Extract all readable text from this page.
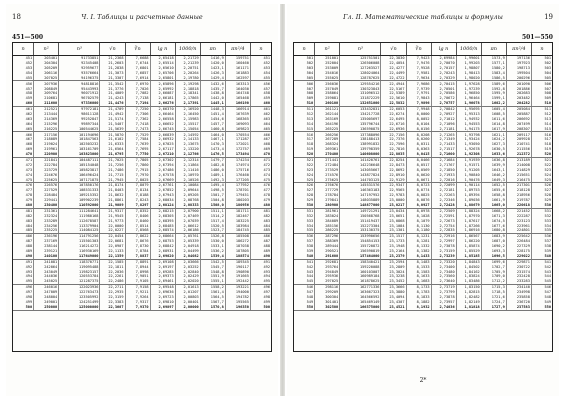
18	Ч. I. Таблицы и расчетные данные
451—500
n	n²	n³	√n	∛n	lg n	1000/n	πn	πn²/4	n
451	203401	91733851	21,2368	7,6688	2,65418	2,21729	1416,9	159751	451
452	204304	92345408	21,2603	7,6744	2,65514	2,21239	1420,0	160460	452
453	205209	92959677	21,2838	7,6801	2,65610	2,20751	1423,1	161171	453
454	206116	93576664	21,3073	7,6857	2,65706	2,20264	1426,3	161883	454
455	207025	94196375	21,3307	7,6914	2,65801	2,19780	1429,4	162597	455
456	207936	94818816	21,3542	7,6970	2,65896	2,19298	1432,6	163313	456
457	208849	95443993	21,3776	7,7026	2,65992	2,18818	1435,7	164030	457
458	209764	96071912	21,4009	7,7082	2,66087	2,18341	1438,8	164748	458
459	210681	96702579	21,4243	7,7138	2,66181	2,17865	1442,0	165468	459
460	211600	97336000	21,4476	7,7194	2,66276	2,17391	1445,1	166190	460
461	212521	97972181	21,4709	7,7250	2,66370	2,16920	1448,3	166914	461
462	213444	98611128	21,4942	7,7306	2,66464	2,16450	1451,4	167639	462
463	214369	99252847	21,5174	7,7362	2,66558	2,15983	1454,6	168365	463
464	215296	99897344	21,5407	7,7418	2,66652	2,15517	1457,7	169093	464
465	216225	100544625	21,5639	7,7473	2,66745	2,15054	1460,8	169823	465
466	217156	101194696	21,5870	7,7529	2,66839	2,14592	1464,0	170554	466
467	218089	101847563	21,6102	7,7584	2,66932	2,14133	1467,1	171287	467
468	219024	102503232	21,6333	7,7639	2,67025	2,13675	1470,3	172021	468
469	219961	103161709	21,6564	7,7695	2,67117	2,13220	1473,4	172757	469
470	220900	103823000	21,6795	7,7750	2,67210	2,12766	1476,5	173494	470
471	221841	104487111	21,7025	7,7805	2,67302	2,12314	1479,7	174234	471
472	222784	105154048	21,7256	7,7860	2,67394	2,11864	1482,8	174974	472
473	223729	105823817	21,7486	7,7915	2,67486	2,11416	1486,0	175716	473
474	224676	106496424	21,7715	7,7970	2,67578	2,10970	1489,1	176460	474
475	225625	107171875	21,7945	7,8025	2,67669	2,10526	1492,3	177205	475
476	226576	107850176	21,8174	7,8079	2,67761	2,10084	1495,4	177952	476
477	227529	108531333	21,8403	7,8134	2,67852	2,09644	1498,5	178701	477
478	228484	109215352	21,8632	7,8188	2,67943	2,09205	1501,7	179451	478
479	229441	109902239	21,8861	7,8243	2,68034	2,08768	1504,8	180203	479
480	230400	110592000	21,9089	7,8297	2,68124	2,08333	1508,0	180956	480
481	231361	111284641	21,9317	7,8352	2,68215	2,07900	1511,1	181711	481
482	232324	111980168	21,9545	7,8406	2,68305	2,07469	1514,2	182467	482
483	233289	112678587	21,9773	7,8460	2,68395	2,07039	1517,4	183225	483
484	234256	113379904	22,0000	7,8514	2,68485	2,06612	1520,5	183984	484
485	235225	114084125	22,0227	7,8568	2,68574	2,06186	1523,7	184745	485
486	236196	114791256	22,0454	7,8622	2,68664	2,05761	1526,8	185508	486
487	237169	115501303	22,0681	7,8676	2,68753	2,05339	1530,0	186272	487
488	238144	116214272	22,0907	7,8730	2,68842	2,04918	1533,1	187038	488
489	239121	116930169	22,1133	7,8784	2,68931	2,04499	1536,2	187805	489
490	240100	117649000	22,1359	7,8837	2,69020	2,04082	1539,4	188574	490
491	241081	118370771	22,1585	7,8891	2,69108	2,03666	1542,5	189345	491
492	242064	119095488	22,1811	7,8944	2,69197	2,03252	1545,7	190117	492
493	243049	119823157	22,2036	7,8998	2,69285	2,02840	1548,8	190890	493
494	244036	120553784	22,2261	7,9051	2,69373	2,02429	1551,9	191665	494
495	245025	121287375	22,2486	7,9105	2,69461	2,02020	1555,1	192442	495
496	246016	122023936	22,2711	7,9158	2,69548	2,01613	1558,2	193221	496
497	247009	122763473	22,2935	7,9211	2,69636	2,01207	1561,4	194000	497
498	248004	123505992	22,3159	7,9264	2,69723	2,00803	1564,5	194782	498
499	249001	124251499	22,3383	7,9317	2,69810	2,00401	1567,7	195565	499
500	250000	125000000	22,3607	7,9370	2,69897	2,00000	1570,8	196350	500
Гл. II. Математические таблицы и формулы	19
501—550
n	n²	n³	√n	∛n	lg n	1000/n	πn	πn²/4	n
501	251001	125751501	22,3830	7,9423	2,69984	1,99601	1573,9	197136	501
502	252004	126506008	22,4054	7,9476	2,70070	1,99203	1577,1	197923	502
503	253009	127263527	22,4277	7,9528	2,70157	1,98807	1580,2	198713	503
504	254016	128024064	22,4499	7,9581	2,70243	1,98413	1583,4	199504	504
505	255025	128787625	22,4722	7,9634	2,70329	1,98020	1586,5	200296	505
506	256036	129554216	22,4944	7,9686	2,70415	1,97628	1589,6	201090	506
507	257049	130323843	22,5167	7,9739	2,70501	1,97239	1592,8	201886	507
508	258064	131096512	22,5389	7,9791	2,70586	1,96850	1595,9	202683	508
509	259081	131872229	22,5610	7,9843	2,70672	1,96464	1599,1	203482	509
510	260100	132651000	22,5832	7,9896	2,70757	1,96078	1602,2	204282	510
511	261121	133432831	22,6053	7,9948	2,70842	1,95695	1605,4	205084	511
512	262144	134217728	22,6274	8,0000	2,70927	1,95313	1608,5	205887	512
513	263169	135005697	22,6495	8,0052	2,71012	1,94932	1611,6	206692	513
514	264196	135796744	22,6716	8,0104	2,71096	1,94553	1614,8	207499	514
515	265225	136590875	22,6936	8,0156	2,71181	1,94175	1617,9	208307	515
516	266256	137388096	22,7156	8,0208	2,71265	1,93798	1621,1	209117	516
517	267289	138188413	22,7376	8,0260	2,71349	1,93424	1624,2	209928	517
518	268324	138991832	22,7596	8,0311	2,71433	1,93050	1627,3	210741	518
519	269361	139798359	22,7816	8,0363	2,71517	1,92678	1630,5	211556	519
520	270400	140608000	22,8035	8,0415	2,71600	1,92308	1633,6	212372	520
521	271441	141420761	22,8254	8,0466	2,71684	1,91939	1636,8	213189	521
522	272484	142236648	22,8473	8,0517	2,71767	1,91571	1639,9	214008	522
523	273529	143055667	22,8692	8,0569	2,71850	1,91205	1643,1	214829	523
524	274576	143877824	22,8910	8,0620	2,71933	1,90840	1646,2	215651	524
525	275625	144703125	22,9129	8,0671	2,72016	1,90476	1649,3	216475	525
526	276676	145531576	22,9347	8,0723	2,72099	1,90114	1652,5	217301	526
527	277729	146363183	22,9565	8,0774	2,72181	1,89753	1655,6	218128	527
528	278784	147197952	22,9783	8,0825	2,72263	1,89394	1658,8	218956	528
529	279841	148035889	23,0000	8,0876	2,72346	1,89036	1661,9	219787	529
530	280900	148877000	23,0217	8,0927	2,72428	1,88679	1665,0	220618	530
531	281961	149721291	23,0434	8,0978	2,72509	1,88324	1668,2	221452	531
532	283024	150568768	23,0651	8,1028	2,72591	1,87970	1671,3	222287	532
533	284089	151419437	23,0868	8,1079	2,72673	1,87617	1674,5	223123	533
534	285156	152273304	23,1084	8,1130	2,72754	1,87266	1677,6	223961	534
535	286225	153130375	23,1301	8,1180	2,72835	1,86916	1680,8	224801	535
536	287296	153990656	23,1517	8,1231	2,72916	1,86567	1683,9	225642	536
537	288369	154854153	23,1733	8,1281	2,72997	1,86220	1687,0	226484	537
538	289444	155720872	23,1948	8,1332	2,73078	1,85874	1690,2	227329	538
539	290521	156590819	23,2164	8,1382	2,73159	1,85529	1693,3	228175	539
540	291600	157464000	23,2379	8,1433	2,73239	1,85185	1696,5	229022	540
541	292681	158340421	23,2594	8,1483	2,73320	1,84843	1699,6	229871	541
542	293764	159220088	23,2809	8,1533	2,73400	1,84502	1702,7	230722	542
543	294849	160103007	23,3024	8,1583	2,73480	1,84162	1705,9	231574	543
544	295936	160989184	23,3238	8,1633	2,73560	1,83824	1709,0	232428	544
545	297025	161878625	23,3452	8,1683	2,73640	1,83486	1712,2	233283	545
546	298116	162771336	23,3666	8,1733	2,73719	1,83150	1715,3	234140	546
547	299209	163667323	23,3880	8,1783	2,73799	1,82815	1718,5	234998	547
548	300304	164566592	23,4094	8,1833	2,73878	1,82482	1721,6	235858	548
549	301401	165469149	23,4307	8,1882	2,73957	1,82149	1724,7	236720	549
550	302500	166375000	23,4521	8,1932	2,74036	1,81818	1727,9	237583	550
2*
